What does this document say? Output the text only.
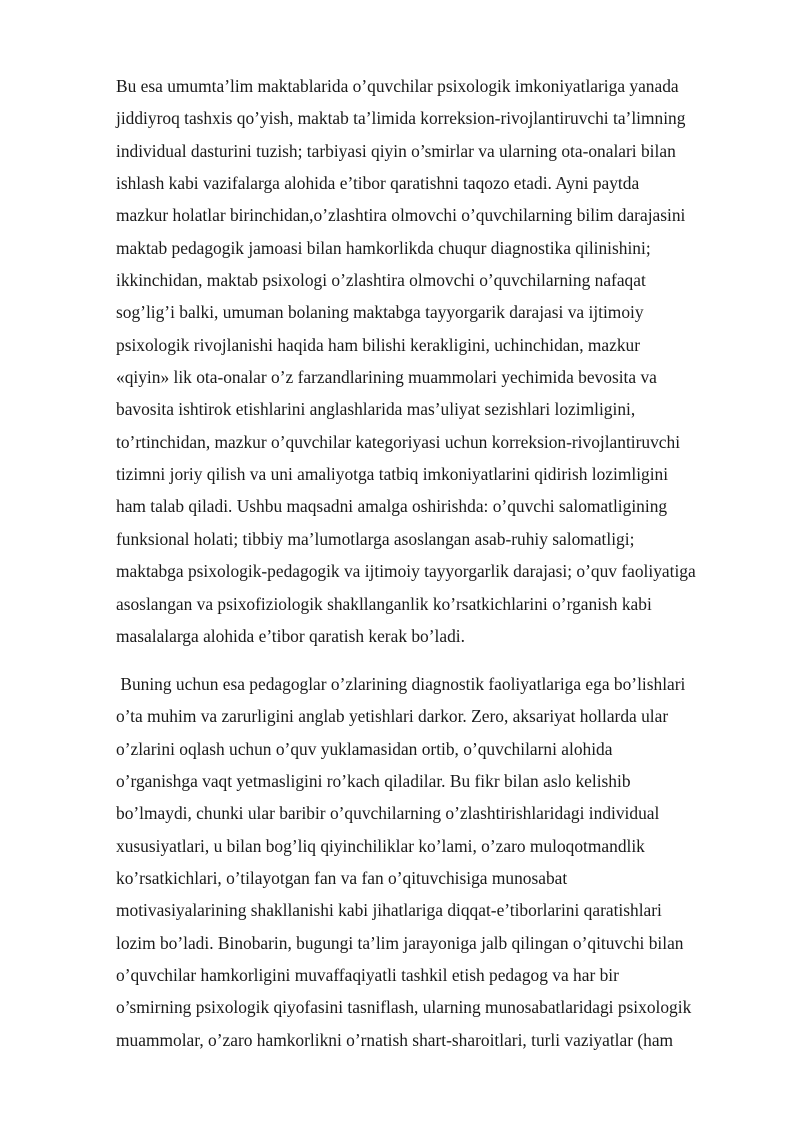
Bu esa umumta’lim maktablarida o’quvchilar psixologik imkoniyatlariga yanada
jiddiyroq tashxis qo’yish, maktab ta’limida korreksion-rivojlantiruvchi ta’limning
individual dasturini tuzish; tarbiyasi qiyin o’smirlar va ularning ota-onalari bilan
ishlash kabi vazifalarga alohida e’tibor qaratishni taqozo etadi. Ayni paytda
mazkur holatlar birinchidan,o’zlashtira olmovchi o’quvchilarning bilim darajasini
maktab pedagogik jamoasi bilan hamkorlikda chuqur diagnostika qilinishini;
ikkinchidan, maktab psixologi o’zlashtira olmovchi o’quvchilarning nafaqat
sog’lig’i balki, umuman bolaning maktabga tayyorgarik darajasi va ijtimoiy
psixologik rivojlanishi haqida ham bilishi kerakligini, uchinchidan, mazkur
«qiyin» lik ota-onalar o’z farzandlarining muammolari yechimida bevosita va
bavosita ishtirok etishlarini anglashlarida mas’uliyat sezishlari lozimligini,
to’rtinchidan, mazkur o’quvchilar kategoriyasi uchun korreksion-rivojlantiruvchi
tizimni joriy qilish va uni amaliyotga tatbiq imkoniyatlarini qidirish lozimligini
ham talab qiladi. Ushbu maqsadni amalga oshirishda: o’quvchi salomatligining
funksional holati; tibbiy ma’lumotlarga asoslangan asab-ruhiy salomatligi;
maktabga psixologik-pedagogik va ijtimoiy tayyorgarlik darajasi; o’quv faoliyatiga
asoslangan va psixofiziologik shakllanganlik ko’rsatkichlarini o’rganish kabi
masalalarga alohida e’tibor qaratish kerak bo’ladi.
Buning uchun esa pedagoglar o’zlarining diagnostik faoliyatlariga ega bo’lishlari
o’ta muhim va zarurligini anglab yetishlari darkor. Zero, aksariyat hollarda ular
o’zlarini oqlash uchun o’quv yuklamasidan ortib, o’quvchilarni alohida
o’rganishga vaqt yetmasligini ro’kach qiladilar. Bu fikr bilan aslo kelishib
bo’lmaydi, chunki ular baribir o’quvchilarning o’zlashtirishlaridagi individual
xususiyatlari, u bilan bog’liq qiyinchiliklar ko’lami, o’zaro muloqotmandlik
ko’rsatkichlari, o’tilayotgan fan va fan o’qituvchisiga munosabat
motivasiyalarining shakllanishi kabi jihatlariga diqqat-e’tiborlarini qaratishlari
lozim bo’ladi. Binobarin, bugungi ta’lim jarayoniga jalb qilingan o’qituvchi bilan
o’quvchilar hamkorligini muvaffaqiyatli tashkil etish pedagog va har bir
o’smirning psixologik qiyofasini tasniflash, ularning munosabatlaridagi psixologik
muammolar, o’zaro hamkorlikni o’rnatish shart-sharoitlari, turli vaziyatlar (ham
